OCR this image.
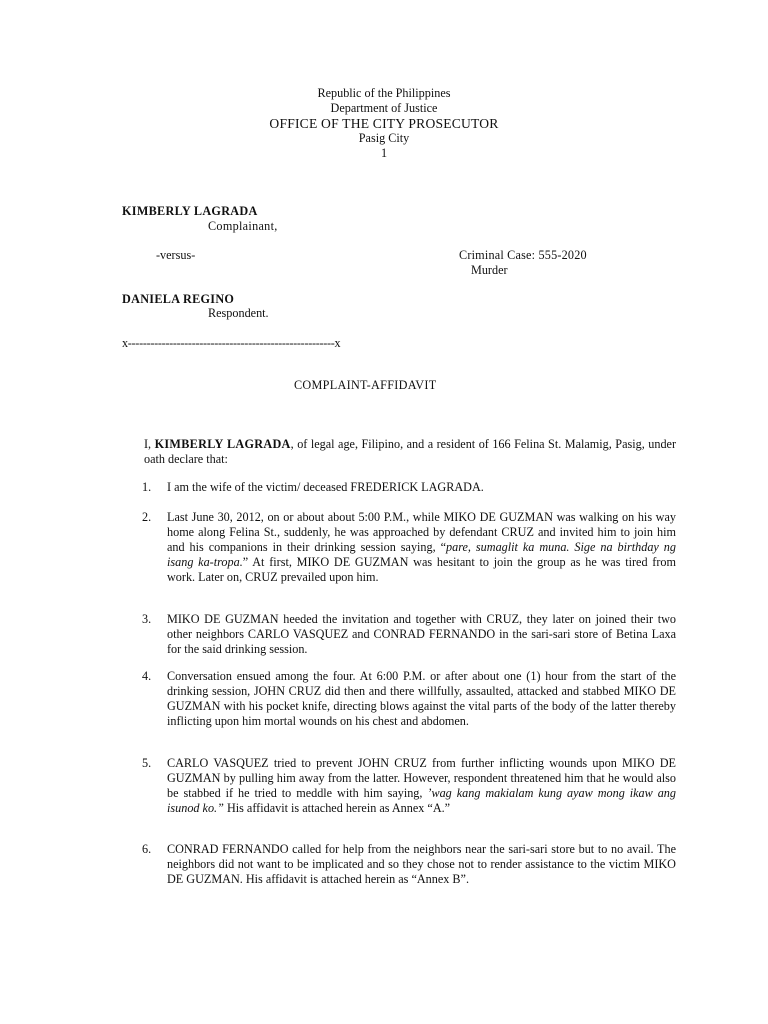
Republic of the Philippines
Department of Justice
OFFICE OF THE CITY PROSECUTOR
Pasig City
1
KIMBERLY LAGRADA
Complainant,
-versus-	Criminal Case: 555-2020
Murder
DANIELA REGINO
Respondent.
x-------------------------------------------------------x
COMPLAINT-AFFIDAVIT
I, KIMBERLY LAGRADA, of legal age, Filipino, and a resident of 166 Felina St. Malamig, Pasig, under oath declare that:
1. I am the wife of the victim/ deceased FREDERICK LAGRADA.
2. Last June 30, 2012, on or about about 5:00 P.M., while MIKO DE GUZMAN was walking on his way home along Felina St., suddenly, he was approached by defendant CRUZ and invited him to join him and his companions in their drinking session saying, “pare, sumaglit ka muna. Sige na birthday ng isang ka-tropa.” At first, MIKO DE GUZMAN was hesitant to join the group as he was tired from work. Later on, CRUZ prevailed upon him.
3. MIKO DE GUZMAN heeded the invitation and together with CRUZ, they later on joined their two other neighbors CARLO VASQUEZ and CONRAD FERNANDO in the sari-sari store of Betina Laxa for the said drinking session.
4. Conversation ensued among the four. At 6:00 P.M. or after about one (1) hour from the start of the drinking session, JOHN CRUZ did then and there willfully, assaulted, attacked and stabbed MIKO DE GUZMAN with his pocket knife, directing blows against the vital parts of the body of the latter thereby inflicting upon him mortal wounds on his chest and abdomen.
5. CARLO VASQUEZ tried to prevent JOHN CRUZ from further inflicting wounds upon MIKO DE GUZMAN by pulling him away from the latter. However, respondent threatened him that he would also be stabbed if he tried to meddle with him saying, ’wag kang makialam kung ayaw mong ikaw ang isunod ko.” His affidavit is attached herein as Annex “A.”
6. CONRAD FERNANDO called for help from the neighbors near the sari-sari store but to no avail. The neighbors did not want to be implicated and so they chose not to render assistance to the victim MIKO DE GUZMAN. His affidavit is attached herein as “Annex B”.
